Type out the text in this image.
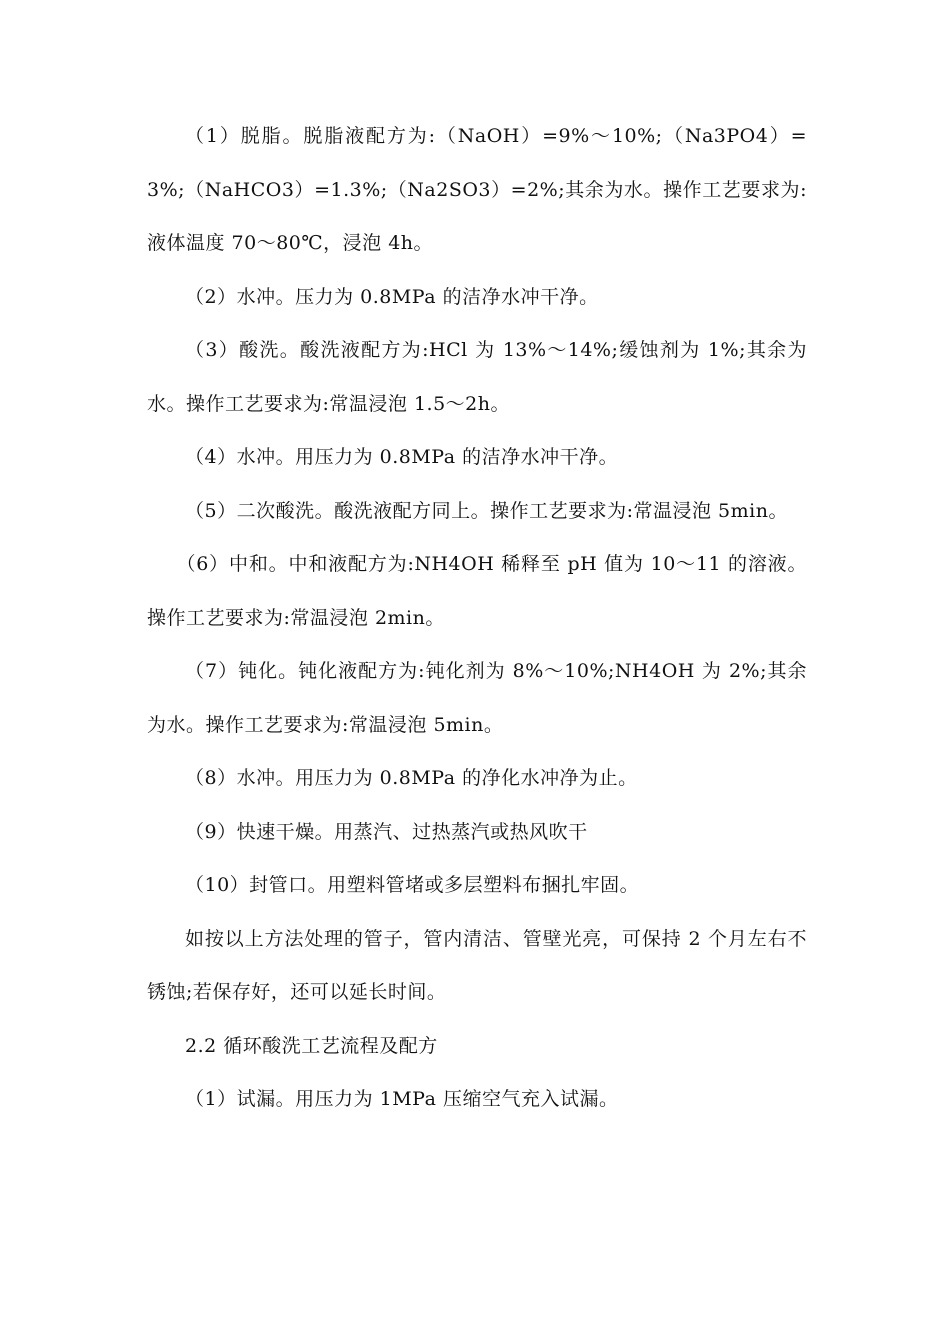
（1）脱脂。脱脂液配方为:（NaOH）=9%～10%;（Na3PO4）=3%;（NaHCO3）=1.3%;（Na2SO3）=2%;其余为水。操作工艺要求为:液体温度 70～80℃，浸泡 4h。

（2）水冲。压力为 0.8MPa 的洁净水冲干净。

（3）酸洗。酸洗液配方为:HCl 为 13%～14%;缓蚀剂为 1%;其余为水。操作工艺要求为:常温浸泡 1.5～2h。

（4）水冲。用压力为 0.8MPa 的洁净水冲干净。

（5）二次酸洗。酸洗液配方同上。操作工艺要求为:常温浸泡 5min。

（6）中和。中和液配方为:NH4OH 稀释至 pH 值为 10～11 的溶液。操作工艺要求为:常温浸泡 2min。

（7）钝化。钝化液配方为:钝化剂为 8%～10%;NH4OH 为 2%;其余为水。操作工艺要求为:常温浸泡 5min。

（8）水冲。用压力为 0.8MPa 的净化水冲净为止。

（9）快速干燥。用蒸汽、过热蒸汽或热风吹干

（10）封管口。用塑料管堵或多层塑料布捆扎牢固。

如按以上方法处理的管子，管内清洁、管壁光亮，可保持 2 个月左右不锈蚀;若保存好，还可以延长时间。

2.2 循环酸洗工艺流程及配方

（1）试漏。用压力为 1MPa 压缩空气充入试漏。
